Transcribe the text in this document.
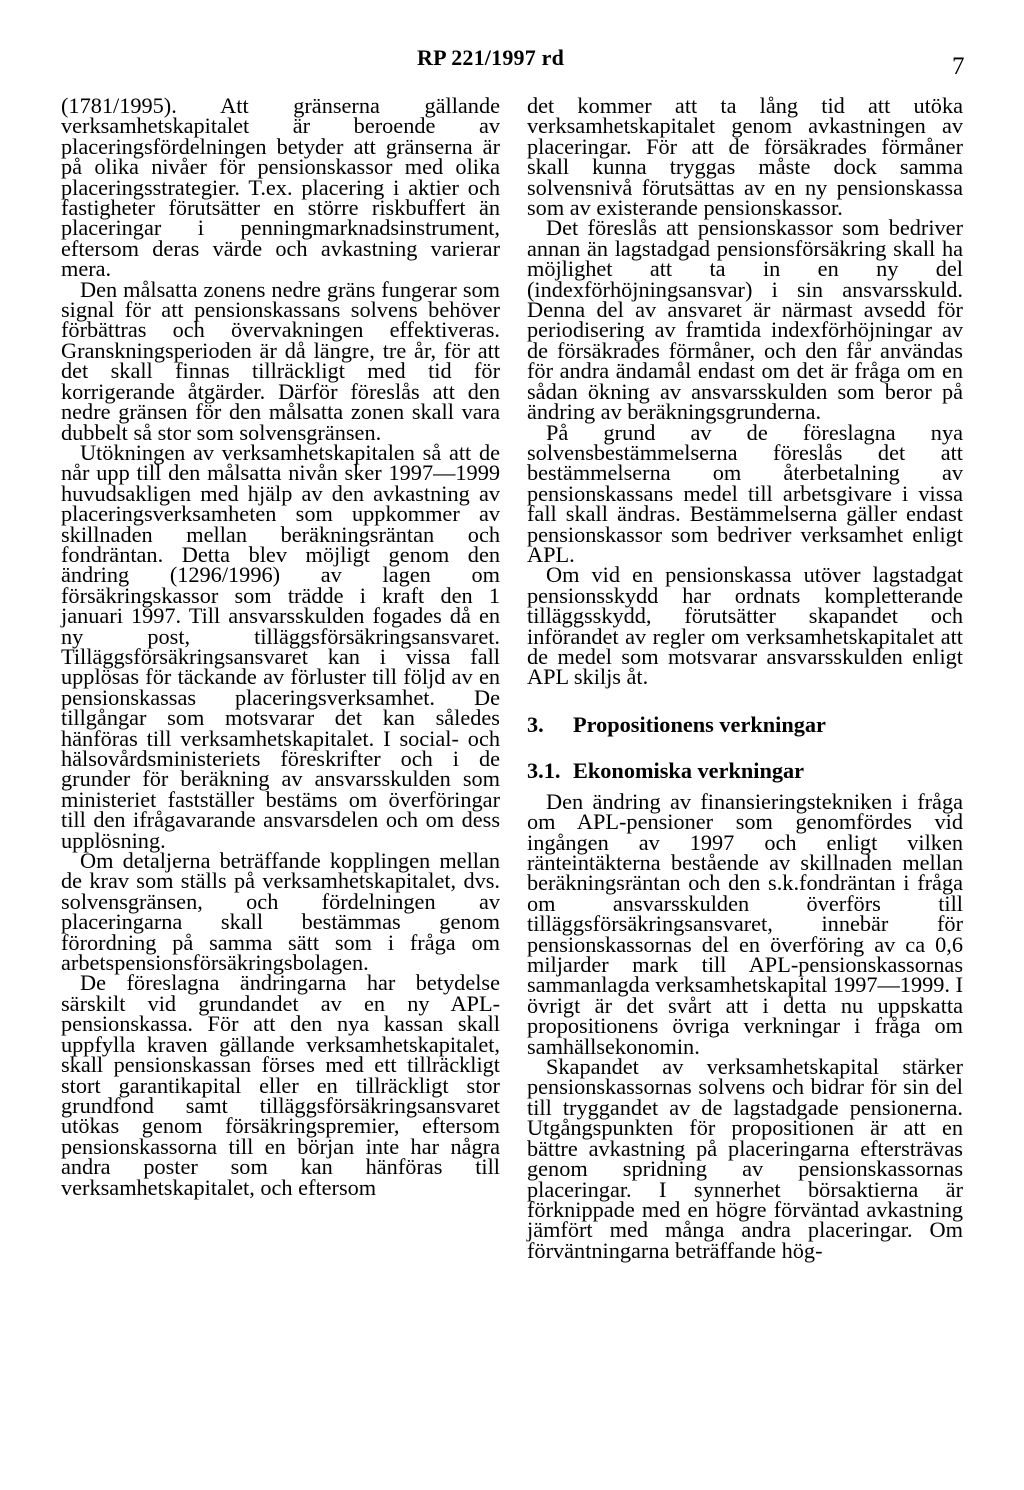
RP 221/1997 rd	7

(1781/1995). Att gränserna gällande verksamhetskapitalet är beroende av placeringsfördelningen betyder att gränserna är på olika nivåer för pensionskassor med olika placeringsstrategier. T.ex. placering i aktier och fastigheter förutsätter en större riskbuffert än placeringar i penningmarknadsinstrument, eftersom deras värde och avkastning varierar mera.

Den målsatta zonens nedre gräns fungerar som signal för att pensionskassans solvens behöver förbättras och övervakningen effektiveras. Granskningsperioden är då längre, tre år, för att det skall finnas tillräckligt med tid för korrigerande åtgärder. Därför föreslås att den nedre gränsen för den målsatta zonen skall vara dubbelt så stor som solvensgränsen.

Utökningen av verksamhetskapitalen så att de når upp till den målsatta nivån sker 1997—1999 huvudsakligen med hjälp av den avkastning av placeringsverksamheten som uppkommer av skillnaden mellan beräkningsräntan och fondräntan. Detta blev möjligt genom den ändring (1296/1996) av lagen om försäkringskassor som trädde i kraft den 1 januari 1997. Till ansvarsskulden fogades då en ny post, tilläggsförsäkringsansvaret. Tilläggsförsäkringsansvaret kan i vissa fall upplösas för täckande av förluster till följd av en pensionskassas placeringsverksamhet. De tillgångar som motsvarar det kan således hänföras till verksamhetskapitalet. I social- och hälsovårdsministeriets föreskrifter och i de grunder för beräkning av ansvarsskulden som ministeriet fastställer bestäms om överföringar till den ifrågavarande ansvarsdelen och om dess upplösning.

Om detaljerna beträffande kopplingen mellan de krav som ställs på verksamhetskapitalet, dvs. solvensgränsen, och fördelningen av placeringarna skall bestämmas genom förordning på samma sätt som i fråga om arbetspensionsförsäkringsbolagen.

De föreslagna ändringarna har betydelse särskilt vid grundandet av en ny APL-pensionskassa. För att den nya kassan skall uppfylla kraven gällande verksamhetskapitalet, skall pensionskassan förses med ett tillräckligt stort garantikapital eller en tillräckligt stor grundfond samt tilläggsförsäkringsansvaret utökas genom försäkringspremier, eftersom pensionskassorna till en början inte har några andra poster som kan hänföras till verksamhetskapitalet, och eftersom

det kommer att ta lång tid att utöka verksamhetskapitalet genom avkastningen av placeringar. För att de försäkrades förmåner skall kunna tryggas måste dock samma solvensnivå förutsättas av en ny pensionskassa som av existerande pensionskassor.

Det föreslås att pensionskassor som bedriver annan än lagstadgad pensionsförsäkring skall ha möjlighet att ta in en ny del (indexförhöjningsansvar) i sin ansvarsskuld. Denna del av ansvaret är närmast avsedd för periodisering av framtida indexförhöjningar av de försäkrades förmåner, och den får användas för andra ändamål endast om det är fråga om en sådan ökning av ansvarsskulden som beror på ändring av beräkningsgrunderna.

På grund av de föreslagna nya solvensbestämmelserna föreslås det att bestämmelserna om återbetalning av pensionskassans medel till arbetsgivare i vissa fall skall ändras. Bestämmelserna gäller endast pensionskassor som bedriver verksamhet enligt APL.

Om vid en pensionskassa utöver lagstadgat pensionsskydd har ordnats kompletterande tilläggsskydd, förutsätter skapandet och införandet av regler om verksamhetskapitalet att de medel som motsvarar ansvarsskulden enligt APL skiljs åt.

3.	Propositionens verkningar
3.1. Ekonomiska verkningar

Den ändring av finansieringstekniken i fråga om APL-pensioner som genomfördes vid ingången av 1997 och enligt vilken ränteintäkterna bestående av skillnaden mellan beräkningsräntan och den s.k.fondräntan i fråga om ansvarsskulden överförs till tilläggsförsäkringsansvaret, innebär för pensionskassornas del en överföring av ca 0,6 miljarder mark till APL-pensionskassornas sammanlagda verksamhetskapital 1997—1999. I övrigt är det svårt att i detta nu uppskatta propositionens övriga verkningar i fråga om samhällsekonomin.

Skapandet av verksamhetskapital stärker pensionskassornas solvens och bidrar för sin del till tryggandet av de lagstadgade pensionerna. Utgångspunkten för propositionen är att en bättre avkastning på placeringarna eftersträvas genom spridning av pensionskassornas placeringar. I synnerhet börsaktierna är förknippade med en högre förväntad avkastning jämfört med många andra placeringar. Om förväntningarna beträffande hög-
